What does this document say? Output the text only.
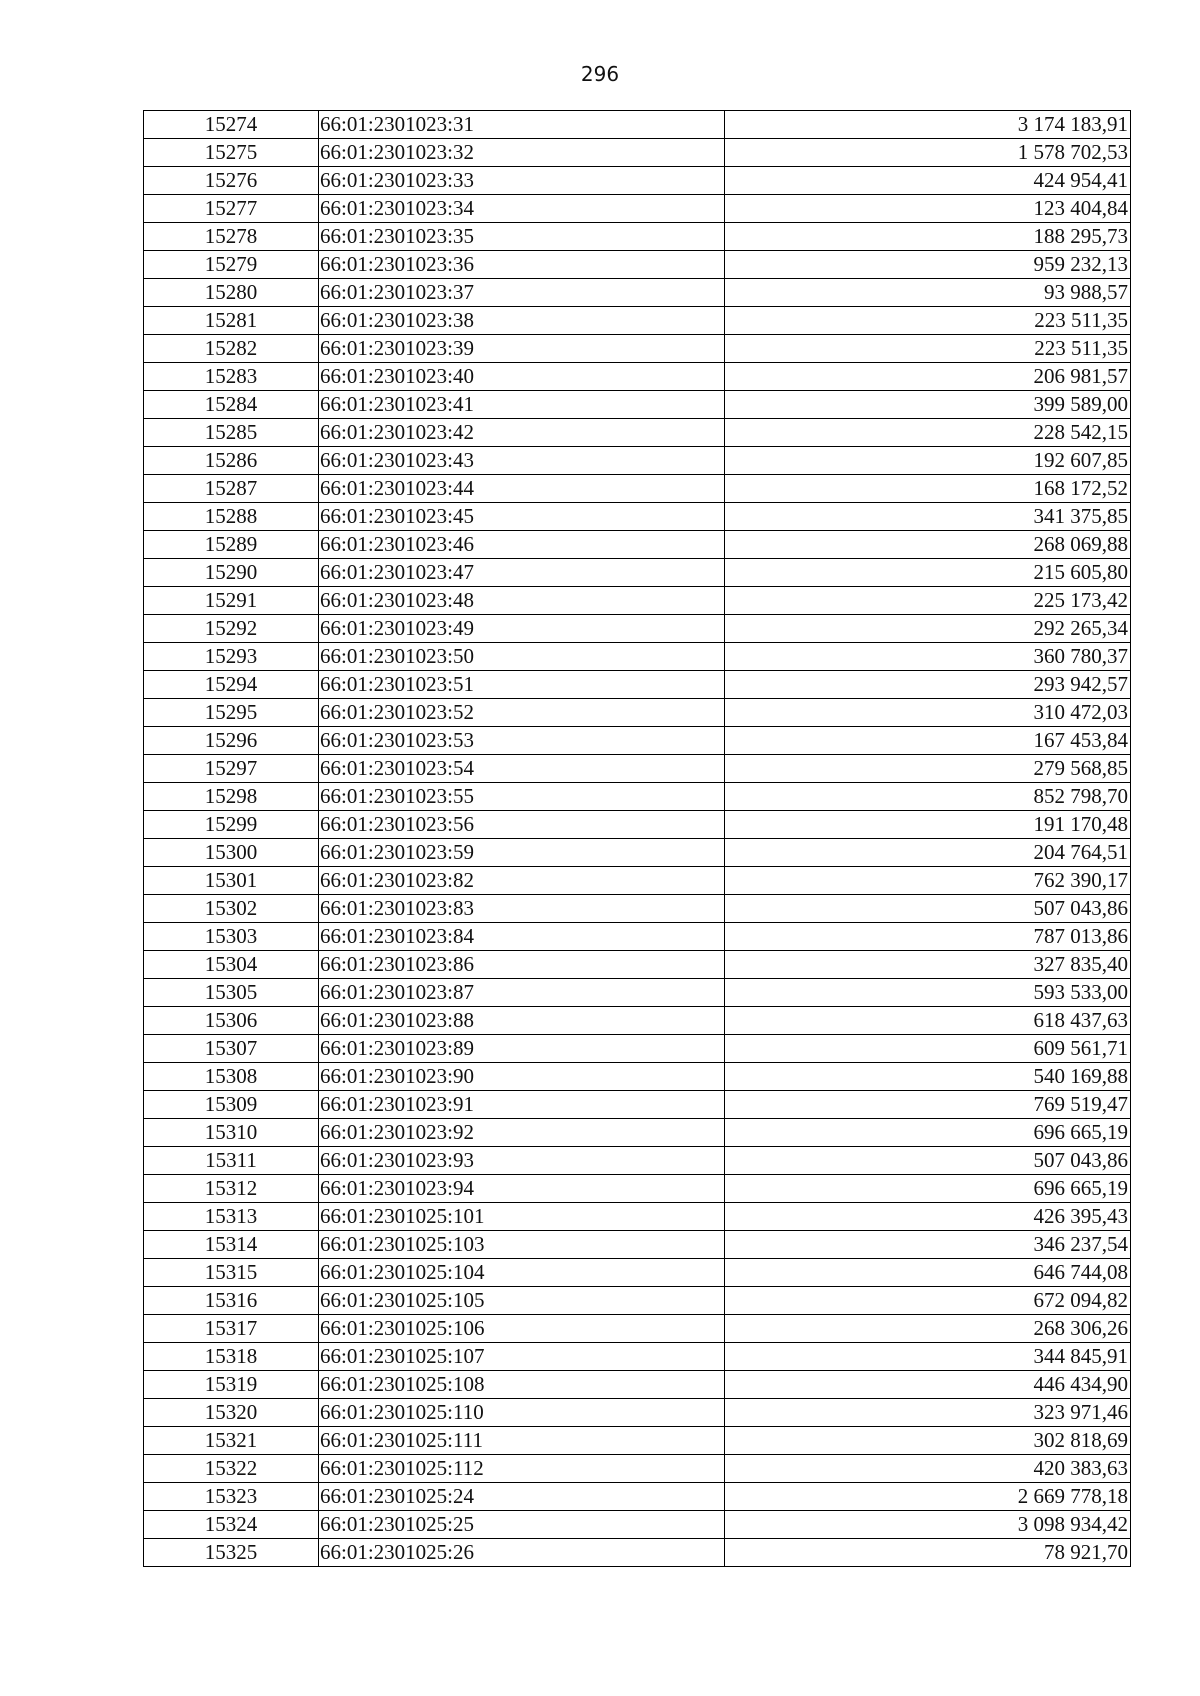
296
15274	66:01:2301023:31	3 174 183,91
15275	66:01:2301023:32	1 578 702,53
15276	66:01:2301023:33	424 954,41
15277	66:01:2301023:34	123 404,84
15278	66:01:2301023:35	188 295,73
15279	66:01:2301023:36	959 232,13
15280	66:01:2301023:37	93 988,57
15281	66:01:2301023:38	223 511,35
15282	66:01:2301023:39	223 511,35
15283	66:01:2301023:40	206 981,57
15284	66:01:2301023:41	399 589,00
15285	66:01:2301023:42	228 542,15
15286	66:01:2301023:43	192 607,85
15287	66:01:2301023:44	168 172,52
15288	66:01:2301023:45	341 375,85
15289	66:01:2301023:46	268 069,88
15290	66:01:2301023:47	215 605,80
15291	66:01:2301023:48	225 173,42
15292	66:01:2301023:49	292 265,34
15293	66:01:2301023:50	360 780,37
15294	66:01:2301023:51	293 942,57
15295	66:01:2301023:52	310 472,03
15296	66:01:2301023:53	167 453,84
15297	66:01:2301023:54	279 568,85
15298	66:01:2301023:55	852 798,70
15299	66:01:2301023:56	191 170,48
15300	66:01:2301023:59	204 764,51
15301	66:01:2301023:82	762 390,17
15302	66:01:2301023:83	507 043,86
15303	66:01:2301023:84	787 013,86
15304	66:01:2301023:86	327 835,40
15305	66:01:2301023:87	593 533,00
15306	66:01:2301023:88	618 437,63
15307	66:01:2301023:89	609 561,71
15308	66:01:2301023:90	540 169,88
15309	66:01:2301023:91	769 519,47
15310	66:01:2301023:92	696 665,19
15311	66:01:2301023:93	507 043,86
15312	66:01:2301023:94	696 665,19
15313	66:01:2301025:101	426 395,43
15314	66:01:2301025:103	346 237,54
15315	66:01:2301025:104	646 744,08
15316	66:01:2301025:105	672 094,82
15317	66:01:2301025:106	268 306,26
15318	66:01:2301025:107	344 845,91
15319	66:01:2301025:108	446 434,90
15320	66:01:2301025:110	323 971,46
15321	66:01:2301025:111	302 818,69
15322	66:01:2301025:112	420 383,63
15323	66:01:2301025:24	2 669 778,18
15324	66:01:2301025:25	3 098 934,42
15325	66:01:2301025:26	78 921,70
